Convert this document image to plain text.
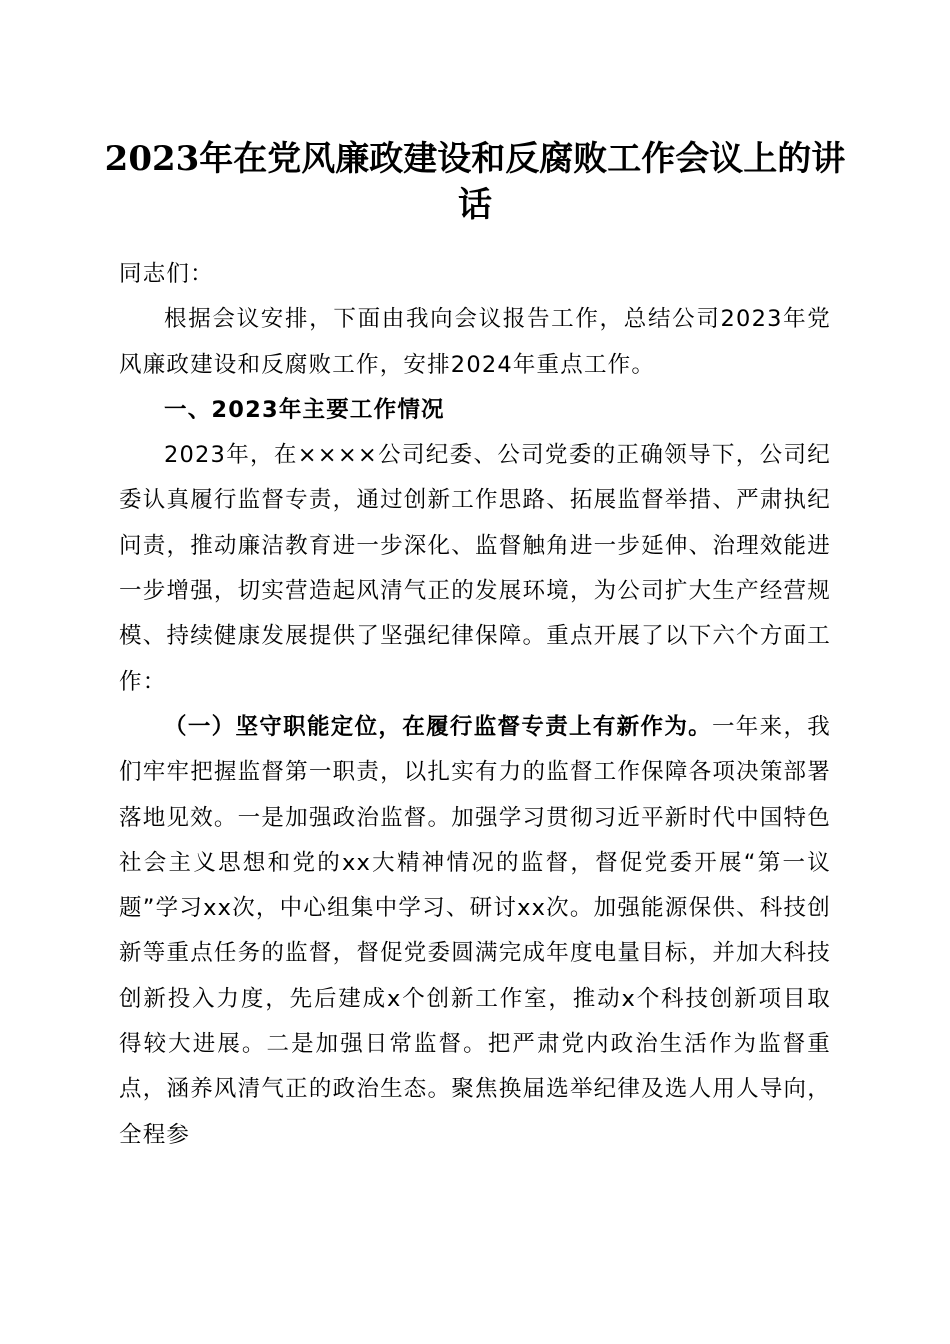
2023年在党风廉政建设和反腐败工作会议上的讲话

同志们：

根据会议安排，下面由我向会议报告工作，总结公司2023年党风廉政建设和反腐败工作，安排2024年重点工作。

一、2023年主要工作情况

2023年，在××××公司纪委、公司党委的正确领导下，公司纪委认真履行监督专责，通过创新工作思路、拓展监督举措、严肃执纪问责，推动廉洁教育进一步深化、监督触角进一步延伸、治理效能进一步增强，切实营造起风清气正的发展环境，为公司扩大生产经营规模、持续健康发展提供了坚强纪律保障。重点开展了以下六个方面工作：

（一）坚守职能定位，在履行监督专责上有新作为。一年来，我们牢牢把握监督第一职责，以扎实有力的监督工作保障各项决策部署落地见效。一是加强政治监督。加强学习贯彻习近平新时代中国特色社会主义思想和党的xx大精神情况的监督，督促党委开展“第一议题”学习xx次，中心组集中学习、研讨xx次。加强能源保供、科技创新等重点任务的监督，督促党委圆满完成年度电量目标，并加大科技创新投入力度，先后建成x个创新工作室，推动x个科技创新项目取得较大进展。二是加强日常监督。把严肃党内政治生活作为监督重点，涵养风清气正的政治生态。聚焦换届选举纪律及选人用人导向，全程参
